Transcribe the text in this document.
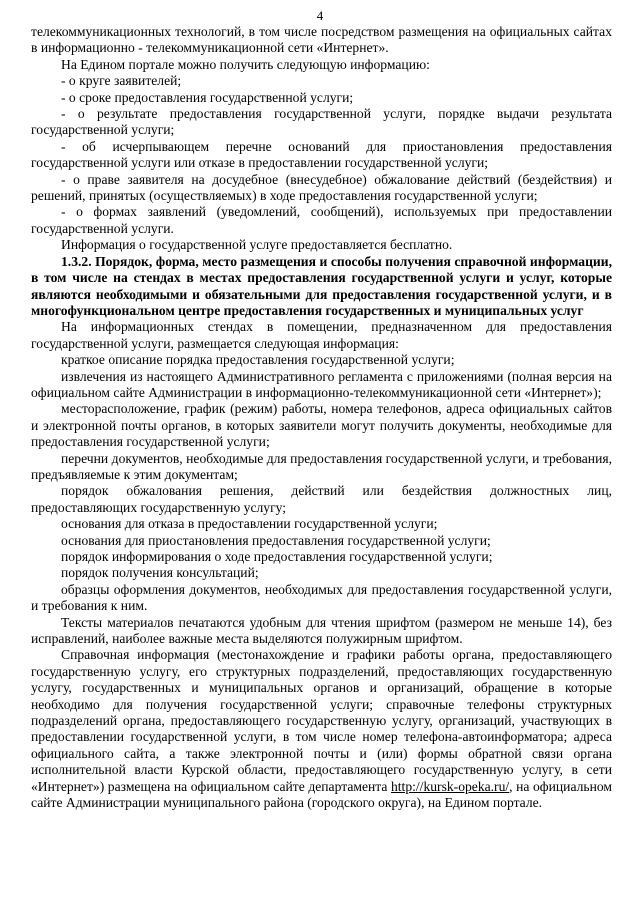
4

телекоммуникационных технологий, в том числе посредством размещения на официальных сайтах в информационно - телекоммуникационной сети «Интернет».

На Едином портале можно получить следующую информацию:

- о круге заявителей;

- о сроке предоставления государственной услуги;

- о результате предоставления государственной услуги, порядке выдачи результата государственной услуги;

- об исчерпывающем перечне оснований для приостановления предоставления государственной услуги или отказе в предоставлении государственной услуги;

- о праве заявителя на досудебное (внесудебное) обжалование действий (бездействия) и решений, принятых (осуществляемых) в ходе предоставления государственной услуги;

- о формах заявлений (уведомлений, сообщений), используемых при предоставлении государственной услуги.

Информация о государственной услуге предоставляется бесплатно.

1.3.2. Порядок, форма, место размещения и способы получения справочной информации, в том числе на стендах в местах предоставления государственной услуги и услуг, которые являются необходимыми и обязательными для предоставления государственной услуги, и в многофункциональном центре предоставления государственных и муниципальных услуг

На информационных стендах в помещении, предназначенном для предоставления государственной услуги, размещается следующая информация:

краткое описание порядка предоставления государственной услуги;

извлечения из настоящего Административного регламента с приложениями (полная версия на официальном сайте Администрации в информационно-телекоммуникационной сети «Интернет»);

месторасположение, график (режим) работы, номера телефонов, адреса официальных сайтов и электронной почты органов, в которых заявители могут получить документы, необходимые для предоставления государственной услуги;

перечни документов, необходимые для предоставления государственной услуги, и требования, предъявляемые к этим документам;

порядок обжалования решения, действий или бездействия должностных лиц, предоставляющих государственную услугу;

основания для отказа в предоставлении государственной услуги;

основания для приостановления предоставления государственной услуги;

порядок информирования о ходе предоставления государственной услуги;

порядок получения консультаций;

образцы оформления документов, необходимых для предоставления государственной услуги, и требования к ним.

Тексты материалов печатаются удобным для чтения шрифтом (размером не меньше 14), без исправлений, наиболее важные места выделяются полужирным шрифтом.

Справочная информация (местонахождение и графики работы органа, предоставляющего государственную услугу, его структурных подразделений, предоставляющих государственную услугу, государственных и муниципальных органов и организаций, обращение в которые необходимо для получения государственной услуги; справочные телефоны структурных подразделений органа, предоставляющего государственную услугу, организаций, участвующих в предоставлении государственной услуги, в том числе номер телефона-автоинформатора; адреса официального сайта, а также электронной почты и (или) формы обратной связи органа исполнительной власти Курской области, предоставляющего государственную услугу, в сети «Интернет») размещена на официальном сайте департамента http://kursk-opeka.ru/, на официальном сайте Администрации муниципального района (городского округа), на Едином портале.
